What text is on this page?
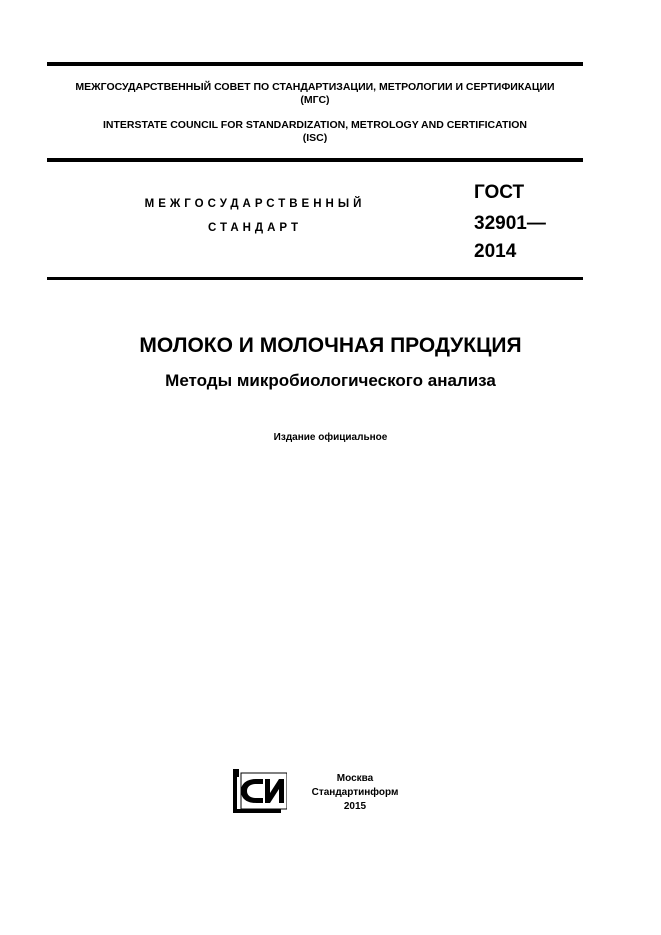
МЕЖГОСУДАРСТВЕННЫЙ СОВЕТ ПО СТАНДАРТИЗАЦИИ, МЕТРОЛОГИИ И СЕРТИФИКАЦИИ
(МГС)
INTERSTATE COUNCIL FOR STANDARDIZATION, METROLOGY AND CERTIFICATION
(ISC)
МЕЖГОСУДАРСТВЕННЫЙ
СТАНДАРТ
ГОСТ
32901—
2014
МОЛОКО И МОЛОЧНАЯ ПРОДУКЦИЯ
Методы микробиологического анализа
Издание официальное
Москва
Стандартинформ
2015
